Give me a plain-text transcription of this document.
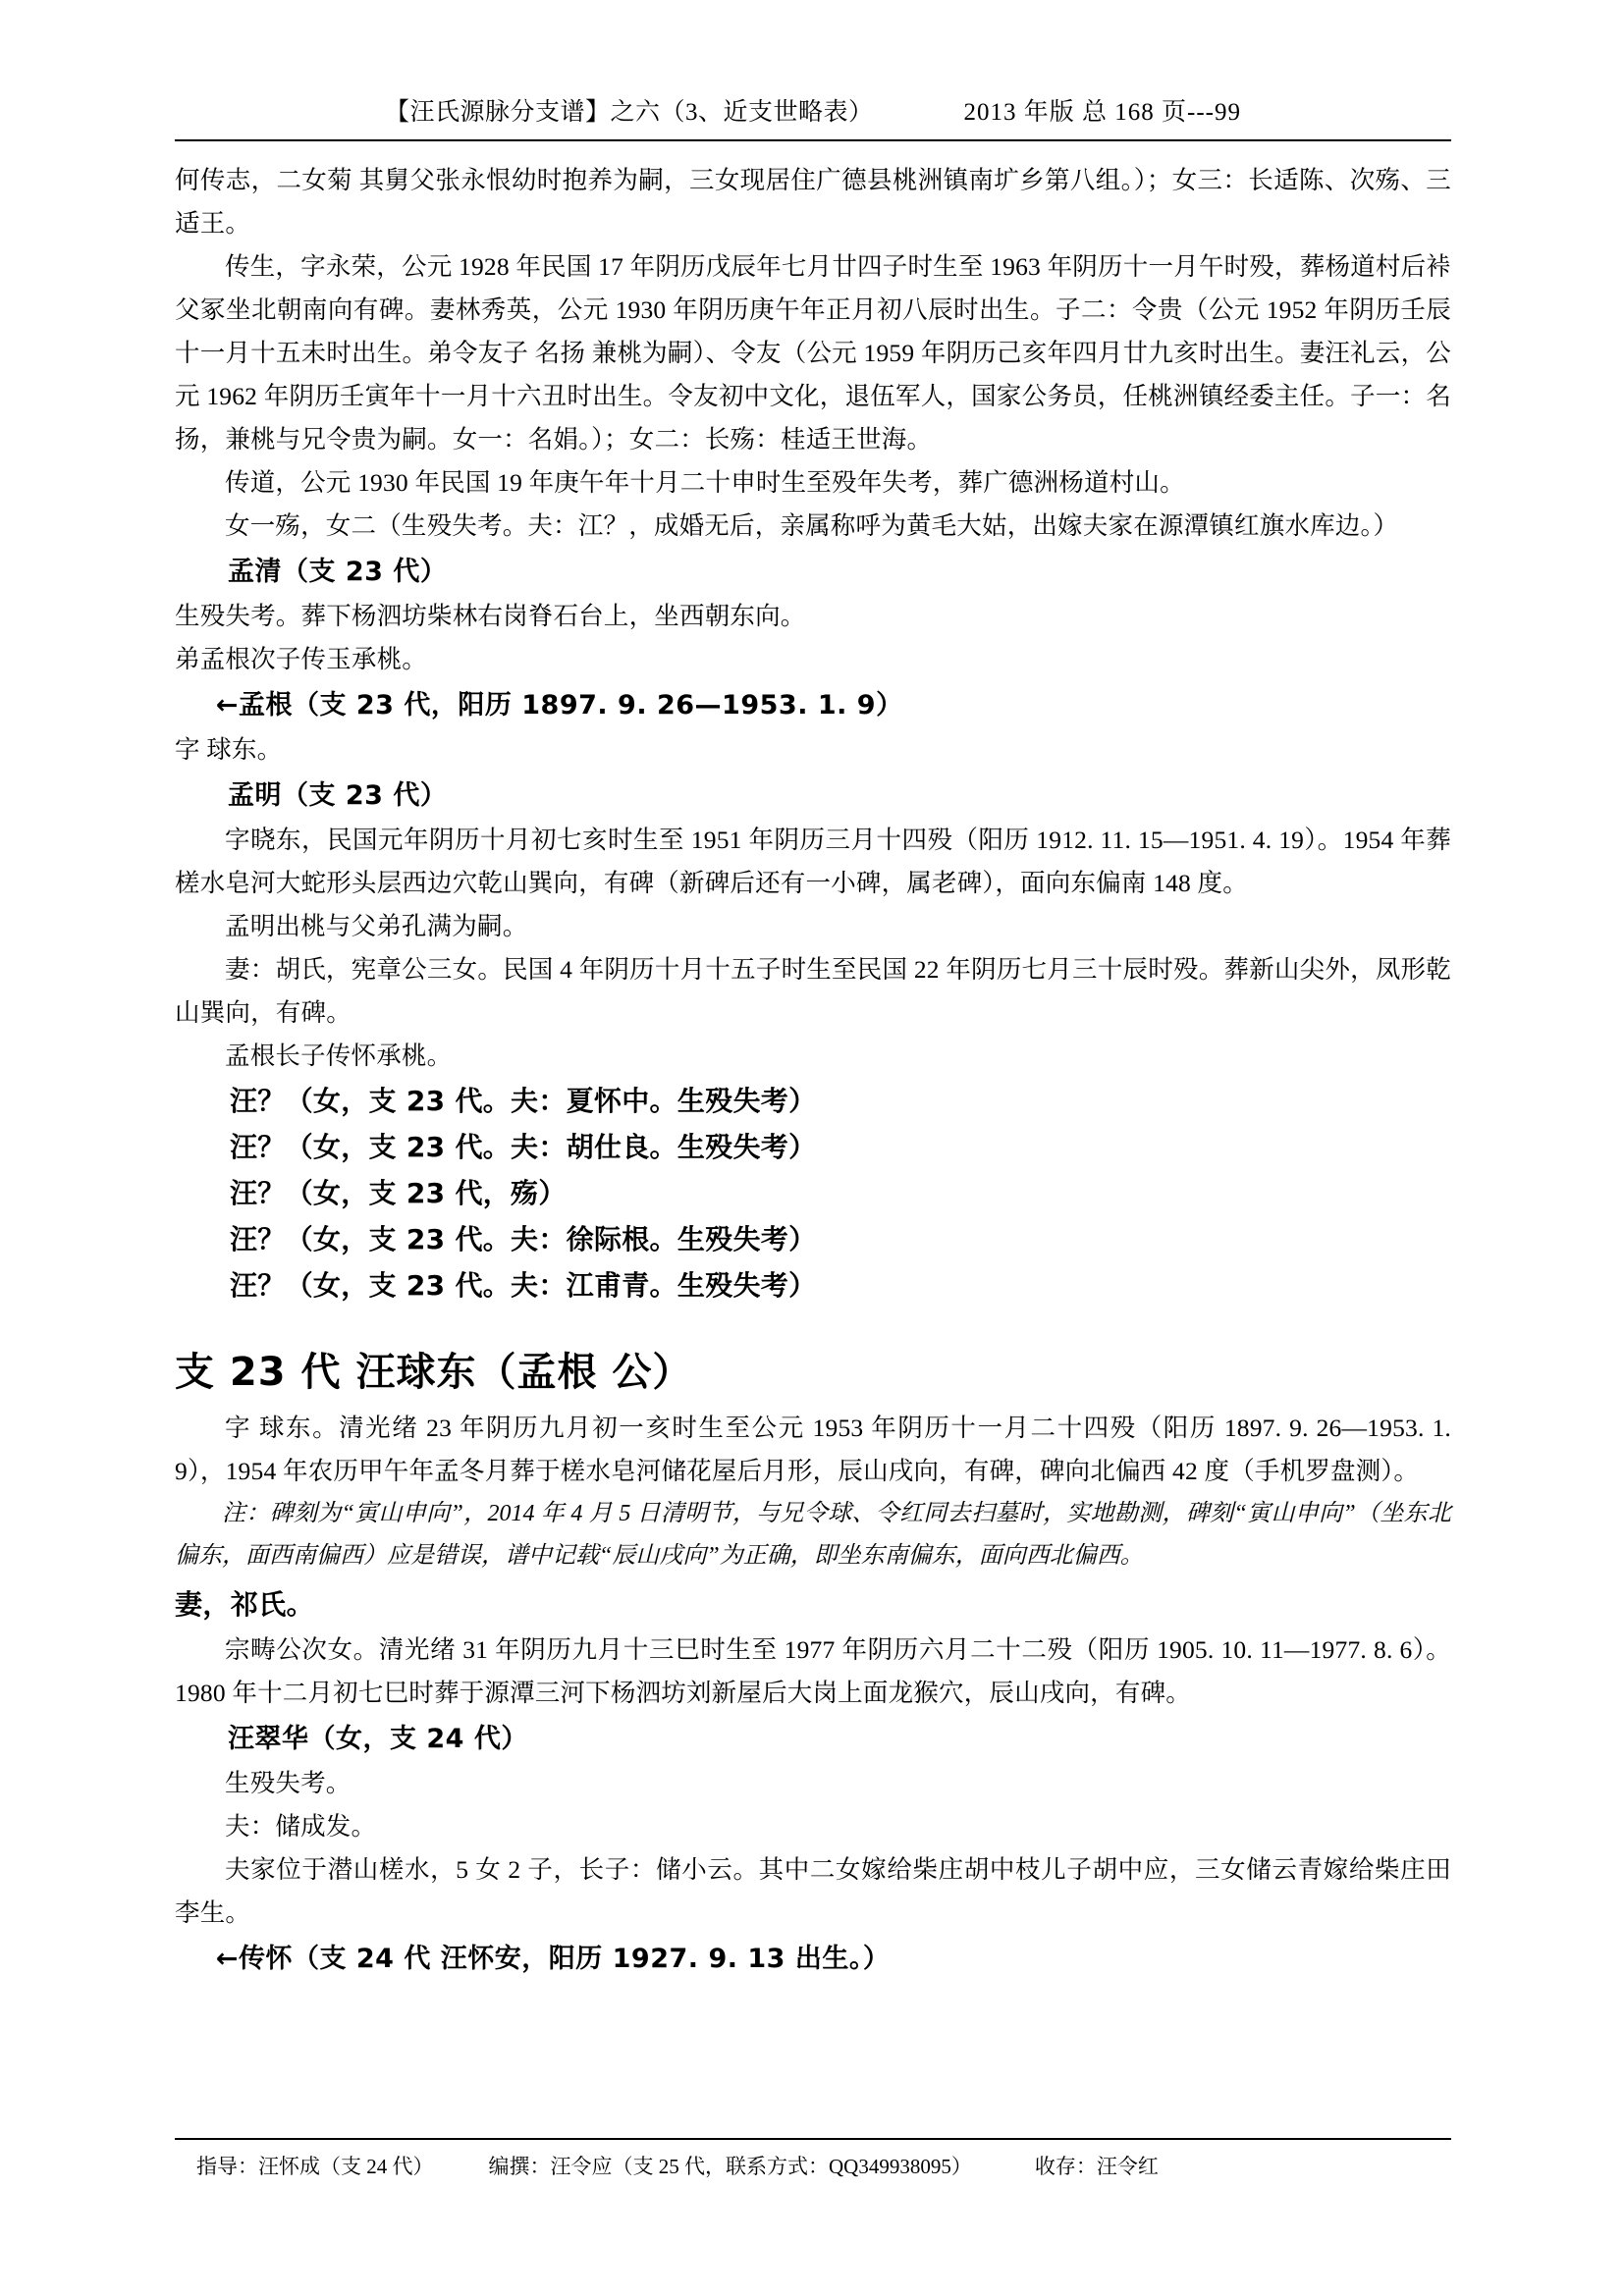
【汪氏源脉分支谱】之六（3、近支世略表）	2013 年版 总 168 页---99

何传志，二女菊 其舅父张永恨幼时抱养为嗣，三女现居住广德县桃洲镇南圹乡第八组。）；女三：长适陈、次殇、三适王。

传生，字永荣，公元 1928 年民国 17 年阴历戊辰年七月廿四子时生至 1963 年阴历十一月午时殁，葬杨道村后裃父冢坐北朝南向有碑。妻林秀英，公元 1930 年阴历庚午年正月初八辰时出生。子二：令贵（公元 1952 年阴历壬辰十一月十五未时出生。弟令友子 名扬 兼桃为嗣）、令友（公元 1959 年阴历己亥年四月廿九亥时出生。妻汪礼云，公元 1962 年阴历壬寅年十一月十六丑时出生。令友初中文化，退伍军人，国家公务员，任桃洲镇经委主任。子一：名扬，兼桃与兄令贵为嗣。女一：名娟。）；女二：长殇：桂适王世海。

传道，公元 1930 年民国 19 年庚午年十月二十申时生至殁年失考，葬广德洲杨道村山。

女一殇，女二（生殁失考。夫：江？，成婚无后，亲属称呼为黄毛大姑，出嫁夫家在源潭镇红旗水库边。）

孟清（支 23 代）

生殁失考。葬下杨泗坊柴林右岗脊石台上，坐西朝东向。

弟孟根次子传玉承桃。

←孟根（支 23 代，阳历 1897. 9. 26—1953. 1. 9）

字 球东。

孟明（支 23 代）

字晓东，民国元年阴历十月初七亥时生至 1951 年阴历三月十四殁（阳历 1912. 11. 15—1951. 4. 19）。1954 年葬槎水皂河大蛇形头层西边穴乾山巽向，有碑（新碑后还有一小碑，属老碑），面向东偏南 148 度。

孟明出桃与父弟孔满为嗣。

妻：胡氏，宪章公三女。民国 4 年阴历十月十五子时生至民国 22 年阴历七月三十辰时殁。葬新山尖外，凤形乾山巽向，有碑。

孟根长子传怀承桃。

汪？（女，支 23 代。夫：夏怀中。生殁失考）

汪？（女，支 23 代。夫：胡仕良。生殁失考）

汪？（女，支 23 代，殇）

汪？（女，支 23 代。夫：徐际根。生殁失考）

汪？（女，支 23 代。夫：江甫青。生殁失考）

支 23 代 汪球东（孟根 公）

字 球东。清光绪 23 年阴历九月初一亥时生至公元 1953 年阴历十一月二十四殁（阳历 1897. 9. 26—1953. 1. 9），1954 年农历甲午年孟冬月葬于槎水皂河储花屋后月形，辰山戌向，有碑，碑向北偏西 42 度（手机罗盘测）。

注：碑刻为“寅山申向”，2014 年 4 月 5 日清明节，与兄令球、令红同去扫墓时，实地勘测，碑刻“寅山申向”（坐东北偏东，面西南偏西）应是错误，谱中记载“辰山戌向”为正确，即坐东南偏东，面向西北偏西。

妻，祁氏。

宗畴公次女。清光绪 31 年阴历九月十三巳时生至 1977 年阴历六月二十二殁（阳历 1905. 10. 11—1977. 8. 6）。1980 年十二月初七巳时葬于源潭三河下杨泗坊刘新屋后大岗上面龙猴穴，辰山戌向，有碑。

汪翠华（女，支 24 代）

生殁失考。

夫：储成发。

夫家位于潜山槎水，5 女 2 子，长子：储小云。其中二女嫁给柴庄胡中枝儿子胡中应，三女储云青嫁给柴庄田李生。

←传怀（支 24 代 汪怀安，阳历 1927. 9. 13 出生。）

指导：汪怀成（支 24 代）	编撰：汪令应（支 25 代，联系方式：QQ349938095）	收存：汪令红
